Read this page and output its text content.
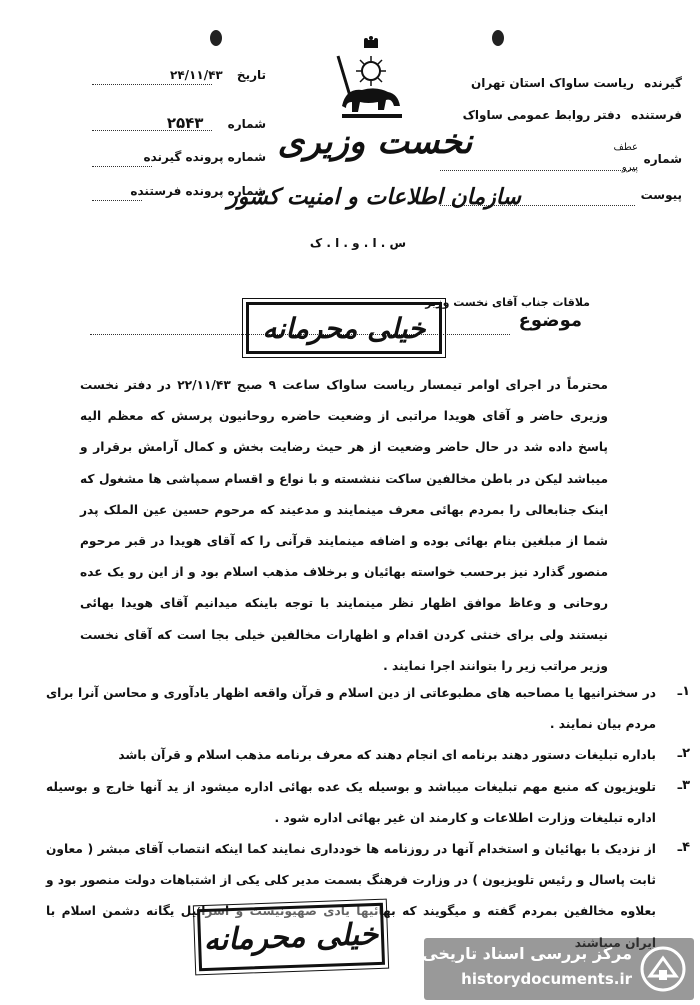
گیرنده ریاست ساواک استان تهران
فرستنده دفتر روابط عمومی ساواک
شماره
عطف
پیرو
پیوست
تاریخ ۲۴/۱۱/۴۳
شماره ۲۵۴۳
شماره پرونده گیرنده
شماره پرونده فرستنده
نخست وزیری
سازمان اطلاعات و امنیت کشور
س . ا . و . ا . ک
موضوع
ملاقات جناب آقای نخست وزیر
خیلی محرمانه
محترماً در اجرای اوامر تیمسار ریاست ساواک ساعت ۹ صبح ۲۲/۱۱/۴۳ در دفتر نخست وزیری حاضر و آقای هویدا مراتبی از وضعیت حاضره روحانیون پرسش که معظم الیه پاسخ داده شد در حال حاضر وضعیت از هر حیث رضایت بخش و کمال آرامش برقرار و میباشد لیکن در باطن مخالفین ساکت ننشسته و با نواع و اقسام سمپاشی ها مشغول که اینک جنابعالی را بمردم بهائی معرف مینمایند و مدعیند که مرحوم حسین عین الملک پدر شما از مبلغین بنام بهائی بوده و اضافه مینمایند قرآنی را که آقای هویدا در قبر مرحوم منصور گذارد نیز برحسب خواسته بهائیان و برخلاف مذهب اسلام بود و از این رو یک عده روحانی و وعاظ موافق اظهار نظر مینمایند با توجه باینکه میدانیم آقای هویدا بهائی نیستند ولی برای خنثی کردن اقدام و اظهارات مخالفین خیلی بجا است که آقای نخست وزیر مراتب زیر را بتوانند اجرا نمایند .
۱ـ
در سخنرانیها یا مصاحبه های مطبوعاتی از دین اسلام و قرآن واقعه اظهار یادآوری و محاسن آنرا برای مردم بیان نمایند .
۲ـ
باداره تبلیغات دستور دهند برنامه ای انجام دهند که معرف برنامه مذهب اسلام و قرآن باشد
۳ـ
تلویزیون که منبع مهم تبلیغات میباشد و بوسیله یک عده بهائی اداره میشود از ید آنها خارج و بوسیله اداره تبلیغات وزارت اطلاعات و کارمند ان غیر بهائی اداره شود .
۴ـ
از نزدیک با بهائیان و استخدام آنها در روزنامه ها خودداری نمایند کما اینکه انتصاب آقای مبشر ( معاون ثابت پاسال و رئیس تلویزیون ) در وزارت فرهنگ بسمت مدیر کلی یکی از اشتباهات دولت منصور بود و بعلاوه مخالفین بمردم گفته و میگویند که بهائیها یادی صهیونیست و اسرائیل یگانه دشمن اسلام با
خیلی محرمانه	مرکز بررسی اسناد تاریخی
historydocuments.ir
